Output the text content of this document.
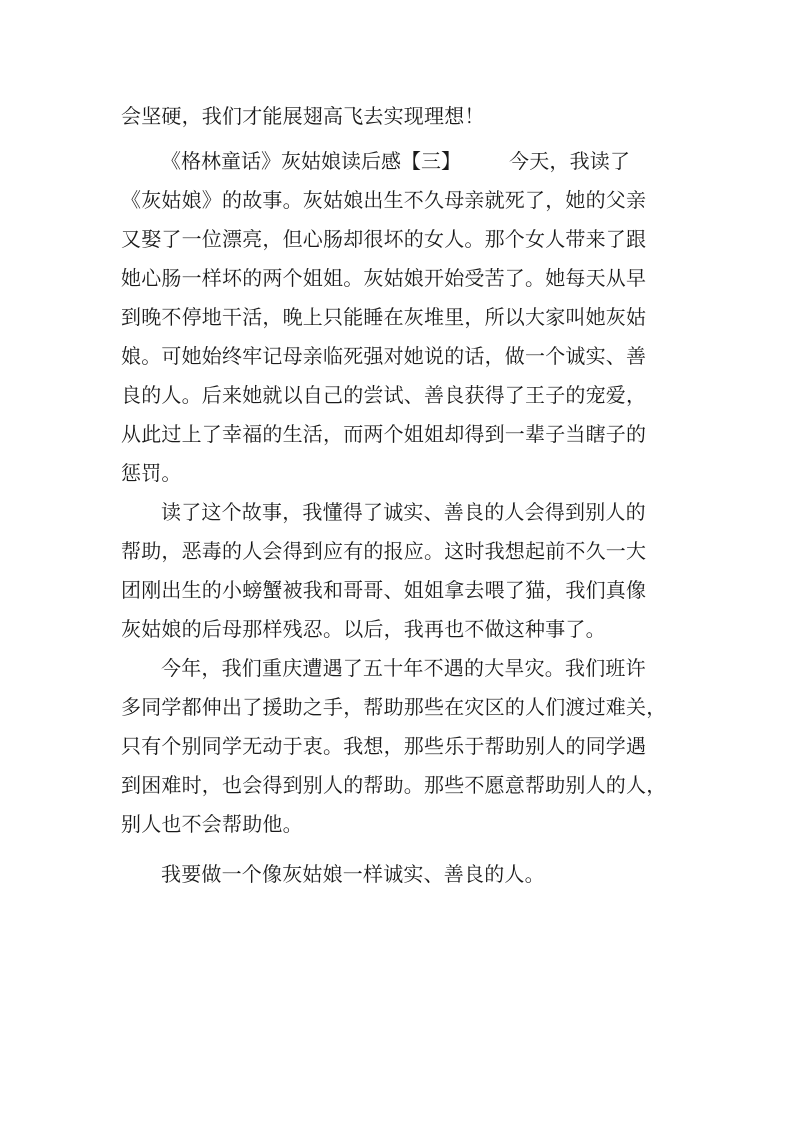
会坚硬，我们才能展翅高飞去实现理想！
《格林童话》灰姑娘读后感【三】 今天，我读了
《灰姑娘》的故事。灰姑娘出生不久母亲就死了，她的父亲
又娶了一位漂亮，但心肠却很坏的女人。那个女人带来了跟
她心肠一样坏的两个姐姐。灰姑娘开始受苦了。她每天从早
到晚不停地干活，晚上只能睡在灰堆里，所以大家叫她灰姑
娘。可她始终牢记母亲临死强对她说的话，做一个诚实、善
良的人。后来她就以自己的尝试、善良获得了王子的宠爱，
从此过上了幸福的生活，而两个姐姐却得到一辈子当瞎子的
惩罚。
读了这个故事，我懂得了诚实、善良的人会得到别人的
帮助，恶毒的人会得到应有的报应。这时我想起前不久一大
团刚出生的小螃蟹被我和哥哥、姐姐拿去喂了猫，我们真像
灰姑娘的后母那样残忍。以后，我再也不做这种事了。
今年，我们重庆遭遇了五十年不遇的大旱灾。我们班许
多同学都伸出了援助之手，帮助那些在灾区的人们渡过难关，
只有个别同学无动于衷。我想，那些乐于帮助别人的同学遇
到困难时，也会得到别人的帮助。那些不愿意帮助别人的人，
别人也不会帮助他。
我要做一个像灰姑娘一样诚实、善良的人。
